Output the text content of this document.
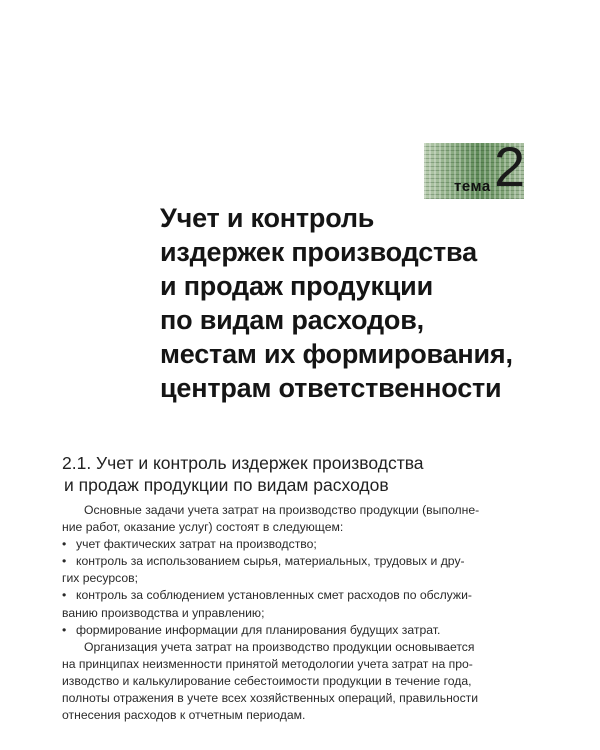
тема 2
Учет и контроль
издержек производства
и продаж продукции
по видам расходов,
местам их формирования,
центрам ответственности
2.1. Учет и контроль издержек производства
и продаж продукции по видам расходов
Основные задачи учета затрат на производство продукции (выполне-
ние работ, оказание услуг) состоят в следующем:
• учет фактических затрат на производство;
• контроль за использованием сырья, материальных, трудовых и дру-
гих ресурсов;
• контроль за соблюдением установленных смет расходов по обслужи-
ванию производства и управлению;
• формирование информации для планирования будущих затрат.
Организация учета затрат на производство продукции основывается
на принципах неизменности принятой методологии учета затрат на про-
изводство и калькулирование себестоимости продукции в течение года,
полноты отражения в учете всех хозяйственных операций, правильности
отнесения расходов к отчетным периодам.
